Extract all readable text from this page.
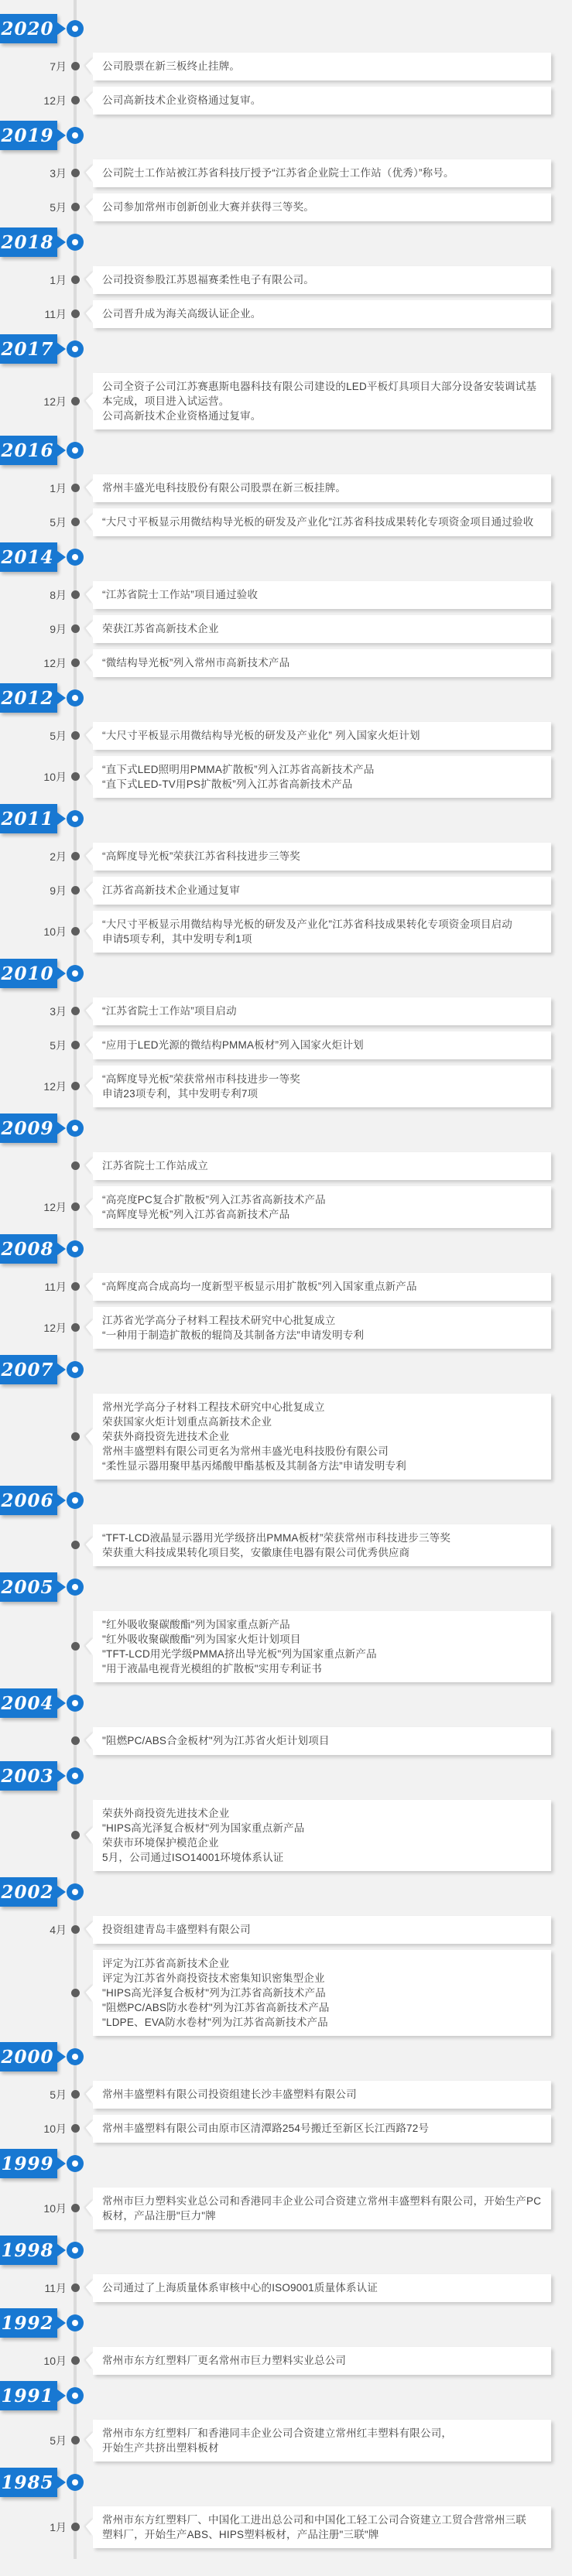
2020
7月	公司股票在新三板终止挂牌。
12月	公司高新技术企业资格通过复审。
2019
3月	公司院士工作站被江苏省科技厅授予“江苏省企业院士工作站（优秀）”称号。
5月	公司参加常州市创新创业大赛并获得三等奖。
2018
1月	公司投资参股江苏恩福赛柔性电子有限公司。
11月	公司晋升成为海关高级认证企业。
2017
12月
公司全资子公司江苏赛惠斯电器科技有限公司建设的LED平板灯具项目大部分设备安装调试基
本完成，项目进入试运营。
公司高新技术企业资格通过复审。
2016
1月	常州丰盛光电科技股份有限公司股票在新三板挂牌。
5月	“大尺寸平板显示用微结构导光板的研发及产业化”江苏省科技成果转化专项资金项目通过验收
2014
8月	“江苏省院士工作站”项目通过验收
9月	荣获江苏省高新技术企业
12月	“微结构导光板”列入常州市高新技术产品
2012
5月	“大尺寸平板显示用微结构导光板的研发及产业化” 列入国家火炬计划
10月
“直下式LED照明用PMMA扩散板”列入江苏省高新技术产品
“直下式LED-TV用PS扩散板”列入江苏省高新技术产品
2011
2月	“高辉度导光板”荣获江苏省科技进步三等奖
9月	江苏省高新技术企业通过复审
10月
“大尺寸平板显示用微结构导光板的研发及产业化”江苏省科技成果转化专项资金项目启动
申请5项专利，其中发明专利1项
2010
3月	“江苏省院士工作站”项目启动
5月	“应用于LED光源的微结构PMMA板材”列入国家火炬计划
12月
“高辉度导光板”荣获常州市科技进步一等奖
申请23项专利，其中发明专利7项
2009
江苏省院士工作站成立
12月
“高亮度PC复合扩散板”列入江苏省高新技术产品
“高辉度导光板”列入江苏省高新技术产品
2008
11月	“高辉度高合成高均一度新型平板显示用扩散板”列入国家重点新产品
12月
江苏省光学高分子材料工程技术研究中心批复成立
“一种用于制造扩散板的辊筒及其制备方法”申请发明专利
2007
常州光学高分子材料工程技术研究中心批复成立
荣获国家火炬计划重点高新技术企业
荣获外商投资先进技术企业
常州丰盛塑料有限公司更名为常州丰盛光电科技股份有限公司
“柔性显示器用聚甲基丙烯酸甲酯基板及其制备方法”申请发明专利
2006
“TFT-LCD液晶显示器用光学级挤出PMMA板材”荣获常州市科技进步三等奖
荣获重大科技成果转化项目奖，安徽康佳电器有限公司优秀供应商
2005
"红外吸收聚碳酸酯"列为国家重点新产品
"红外吸收聚碳酸酯"列为国家火炬计划项目
"TFT-LCD用光学级PMMA挤出导光板"列为国家重点新产品
"用于液晶电视背光模组的扩散板"实用专利证书
2004
"阻燃PC/ABS合金板材"列为江苏省火炬计划项目
2003
荣获外商投资先进技术企业
"HIPS高光泽复合板材"列为国家重点新产品
荣获市环境保护模范企业
5月，公司通过ISO14001环境体系认证
2002
4月	投资组建青岛丰盛塑料有限公司
评定为江苏省高新技术企业
评定为江苏省外商投资技术密集知识密集型企业
"HIPS高光泽复合板材"列为江苏省高新技术产品
"阻燃PC/ABS防水卷材"列为江苏省高新技术产品
"LDPE、EVA防水卷材"列为江苏省高新技术产品
2000
5月	常州丰盛塑料有限公司投资组建长沙丰盛塑料有限公司
10月	常州丰盛塑料有限公司由原市区清潭路254号搬迁至新区长江西路72号
1999
10月
常州市巨力塑料实业总公司和香港同丰企业公司合资建立常州丰盛塑料有限公司，开始生产PC
板材，产品注册"巨力"牌
1998
11月	公司通过了上海质量体系审核中心的ISO9001质量体系认证
1992
10月	常州市东方红塑料厂更名常州市巨力塑料实业总公司
1991
5月
常州市东方红塑料厂和香港同丰企业公司合资建立常州红丰塑料有限公司，
开始生产共挤出塑料板材
1985
1月
常州市东方红塑料厂、中国化工进出总公司和中国化工轻工公司合资建立工贸合营常州三联
塑料厂，开始生产ABS、HIPS塑料板材，产品注册"三联"牌
